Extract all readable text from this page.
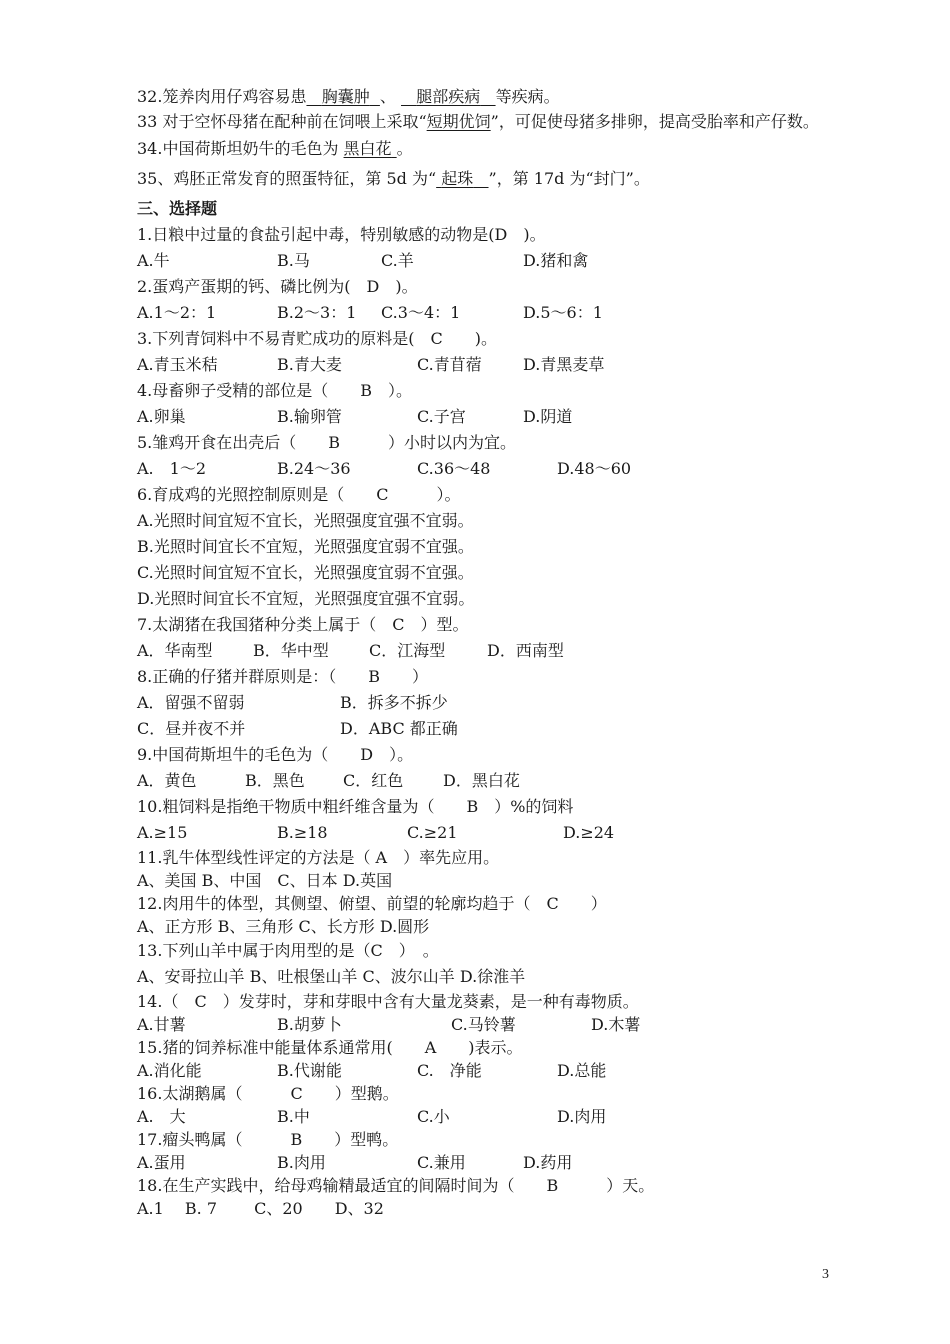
32.笼养肉用仔鸡容易患 胸囊肿 、 腿部疾病 等疾病。
33 对于空怀母猪在配种前在饲喂上采取“短期优饲”，可促使母猪多排卵，提高受胎率和产仔数。
34.中国荷斯坦奶牛的毛色为 黑白花 。
35、鸡胚正常发育的照蛋特征，第 5d 为“ 起珠 ”，第 17d 为“封门”。
三、选择题
1.日粮中过量的食盐引起中毒，特别敏感的动物是(D　)。
A.牛	B.马	C.羊	D.猪和禽
2.蛋鸡产蛋期的钙、磷比例为(　D　)。
A.1～2：1	B.2～3：1 C.3～4：1	D.5～6：1
3.下列青饲料中不易青贮成功的原料是(　C　　)。
A.青玉米秸	B.青大麦	C.青苜蓿	D.青黑麦草
4.母畜卵子受精的部位是（　　B　）。
A.卵巢	B.输卵管	C.子宫	D.阴道
5.雏鸡开食在出壳后（　　B　　　）小时以内为宜。
A.　1～2	B.24～36	C.36～48	D.48～60
6.育成鸡的光照控制原则是（　　C　　　）。
A.光照时间宜短不宜长，光照强度宜强不宜弱。
B.光照时间宜长不宜短，光照强度宜弱不宜强。
C.光照时间宜短不宜长，光照强度宜弱不宜强。
D.光照时间宜长不宜短，光照强度宜强不宜弱。
7.太湖猪在我国猪种分类上属于（　C　）型。
A．华南型	B．华中型	C．江海型	D．西南型
8.正确的仔猪并群原则是：（　　B　　）
A．留强不留弱	B．拆多不拆少
C．昼并夜不并	D．ABC 都正确
9.中国荷斯坦牛的毛色为（　　D　）。
A．黄色	B．黑色 C．红色 D．黑白花
10.粗饲料是指绝干物质中粗纤维含量为（　　B　）%的饲料
A.≥15	B.≥18	C.≥21	D.≥24
11.乳牛体型线性评定的方法是（ A　）率先应用。
A、美国 B、中国　C、日本 D.英国
12.肉用牛的体型，其侧望、俯望、前望的轮廓均趋于（　C　　）
A、正方形 B、三角形 C、长方形 D.圆形
13.下列山羊中属于肉用型的是（C　）　。
A、安哥拉山羊 B、吐根堡山羊 C、波尔山羊 D.徐淮羊
14.（　C　）发芽时，芽和芽眼中含有大量龙葵素，是一种有毒物质。
A.甘薯	B.胡萝卜	C.马铃薯	D.木薯
15.猪的饲养标准中能量体系通常用(　　A　　)表示。
A.消化能	B.代谢能	C.　净能	D.总能
16.太湖鹅属（　　　C　　）型鹅。
A.　大	B.中	C.小	D.肉用
17.瘤头鸭属（　　　B　　）型鸭。
A.蛋用	B.肉用	C.兼用	D.药用
18.在生产实践中，给母鸡输精最适宜的间隔时间为（　　B　　　）天。
A.1　 B. 7　　 C、20　　D、32
3
